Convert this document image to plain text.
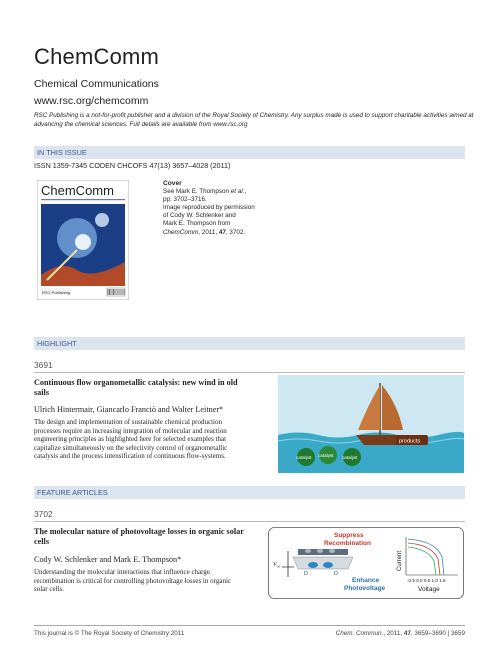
ChemComm
Chemical Communications
www.rsc.org/chemcomm
RSC Publishing is a not-for-profit publisher and a division of the Royal Society of Chemistry. Any surplus made is used to support charitable activities aimed at advancing the chemical sciences. Full details are available from www.rsc.org
IN THIS ISSUE
ISSN 1359-7345 CODEN CHCOFS 47(13) 3657–4028 (2011)
ChemComm
RSC Publishing
Cover
See Mark E. Thompson et al.,
pp. 3702–3716.
Image reproduced by permission
of Cody W. Schlenker and
Mark E. Thompson from
ChemComm, 2011, 47, 3702.
HIGHLIGHT
3691
Continuous flow organometallic catalysis: new wind in old sails
Ulrich Hintermair, Giancarlo Franciò and Walter Leitner*
The design and implementation of sustainable chemical production processes require an increasing integration of molecular and reaction engineering principles as highlighted here for selected examples that capitalize simultaneously on the selectivity control of organometallic catalysis and the process intensification of continuous flow-systems.
products
catalyst catalyst catalyst
FEATURE ARTICLES
3702
The molecular nature of photovoltage losses in organic solar cells
Cody W. Schlenker and Mark E. Thompson*
Understanding the molecular interactions that influence charge recombination is critical for controlling photovoltage losses in organic solar cells.
Suppress
Recombination
$V_{oc}$
D	D
Enhance
Photovoltage
Current
-0.5 0.0 0.5 1.0 1.5
Voltage
This journal is © The Royal Society of Chemistry 2011	Chem. Commun., 2011, 47, 3659–3690 | 3659
